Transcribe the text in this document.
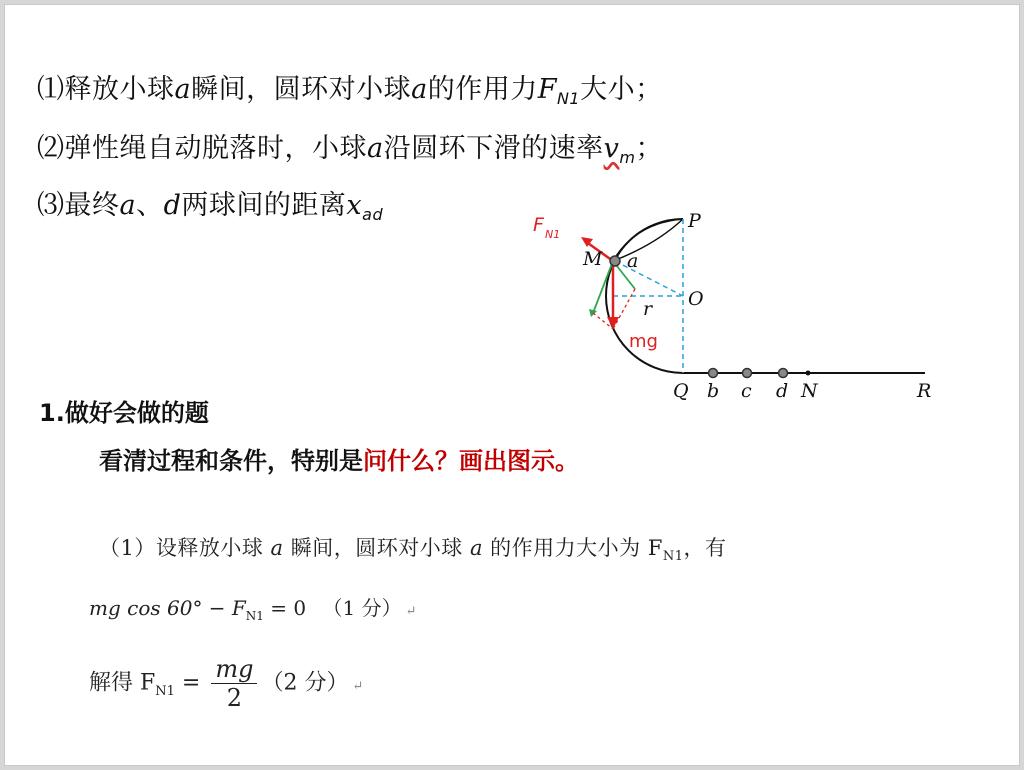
⑴释放小球a瞬间，圆环对小球a的作用力$F_{N1}$大小；
⑵弹性绳自动脱落时，小球a沿圆环下滑的速率$v_m$；
⑶最终a、d两球间的距离$x_{ad}$	P
M a
O
r
Q b c d N	R
mg
F N1
1.做好会做的题
看清过程和条件，特别是问什么？画出图示。
（1）设释放小球 a 瞬间，圆环对小球 a 的作用力大小为 $F_{N1}$，有
mg $\cos 60^\circ - F_{N1} = 0$ （1 分） ↵
解得 $F_{N1} = \frac{mg}{2} (2$ 分） ↵
